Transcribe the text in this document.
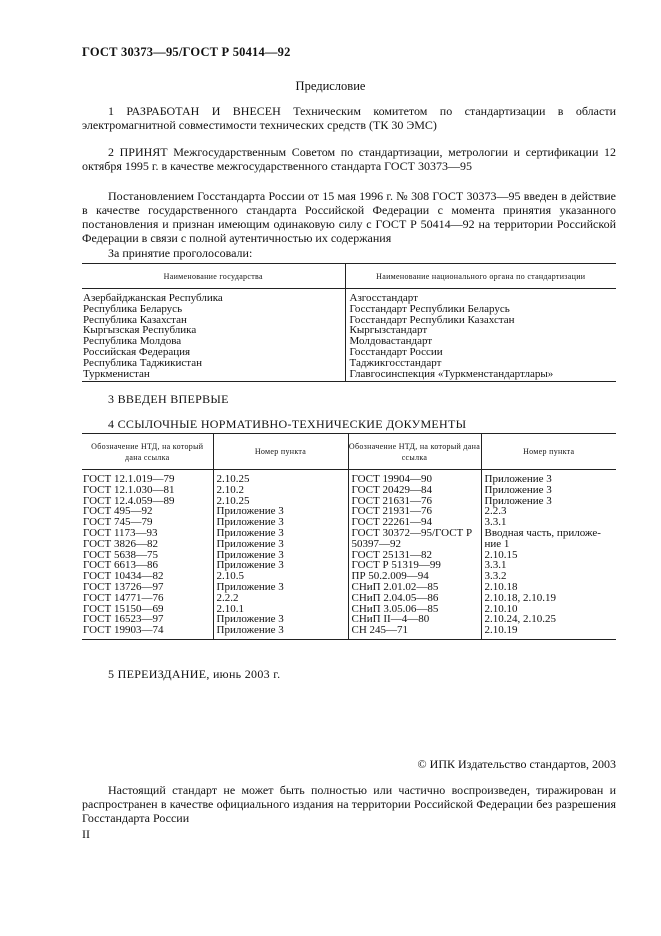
ГОСТ 30373—95/ГОСТ Р 50414—92
Предисловие
1 РАЗРАБОТАН И ВНЕСЕН Техническим комитетом по стандартизации в области электромагнитной совместимости технических средств (ТК 30 ЭМС)
2 ПРИНЯТ Межгосударственным Советом по стандартизации, метрологии и сертификации 12 октября 1995 г. в качестве межгосударственного стандарта ГОСТ 30373—95
Постановлением Госстандарта России от 15 мая 1996 г. № 308 ГОСТ 30373—95 введен в действие в качестве государственного стандарта Российской Федерации с момента принятия указанного постановления и признан имеющим одинаковую силу с ГОСТ Р 50414—92 на территории Российской Федерации в связи с полной аутентичностью их содержания
За принятие проголосовали:
Наименование государства	Наименование национального органа по стандартизации
Азербайджанская Республика	Азгосстандарт
Республика Беларусь	Госстандарт Республики Беларусь
Республика Казахстан	Госстандарт Республики Казахстан
Кыргызская Республика	Кыргызстандарт
Республика Молдова	Молдовастандарт
Российская Федерация	Госстандарт России
Республика Таджикистан	Таджикгосстандарт
Туркменистан	Главгосинспекция «Туркменстандартлары»
3 ВВЕДЕН ВПЕРВЫЕ
4 ССЫЛОЧНЫЕ НОРМАТИВНО-ТЕХНИЧЕСКИЕ ДОКУМЕНТЫ
Обозначение НТД, на который дана ссылка	Номер пункта	Обозначение НТД, на который дана ссылка	Номер пункта
ГОСТ 12.1.019—79	2.10.25	ГОСТ 19904—90	Приложение 3
ГОСТ 12.1.030—81	2.10.2	ГОСТ 20429—84	Приложение 3
ГОСТ 12.4.059—89	2.10.25	ГОСТ 21631—76	Приложение 3
ГОСТ 495—92	Приложение 3	ГОСТ 21931—76	2.2.3
ГОСТ 745—79	Приложение 3	ГОСТ 22261—94	3.3.1
ГОСТ 1173—93	Приложение 3	ГОСТ 30372—95/ГОСТ Р	Вводная часть, приложе-
ГОСТ 3826—82	Приложение 3	50397—92	ние 1
ГОСТ 5638—75	Приложение 3	ГОСТ 25131—82	2.10.15
ГОСТ 6613—86	Приложение 3	ГОСТ Р 51319—99	3.3.1
ГОСТ 10434—82	2.10.5	ПР 50.2.009—94	3.3.2
ГОСТ 13726—97	Приложение 3	СНиП 2.01.02—85	2.10.18
ГОСТ 14771—76	2.2.2	СНиП 2.04.05—86	2.10.18, 2.10.19
ГОСТ 15150—69	2.10.1	СНиП 3.05.06—85	2.10.10
ГОСТ 16523—97	Приложение 3	СНиП II—4—80	2.10.24, 2.10.25
ГОСТ 19903—74	Приложение 3	СН 245—71	2.10.19
5 ПЕРЕИЗДАНИЕ, июнь 2003 г.
© ИПК Издательство стандартов, 2003
Настоящий стандарт не может быть полностью или частично воспроизведен, тиражирован и распространен в качестве официального издания на территории Российской Федерации без разрешения Госстандарта России
II
